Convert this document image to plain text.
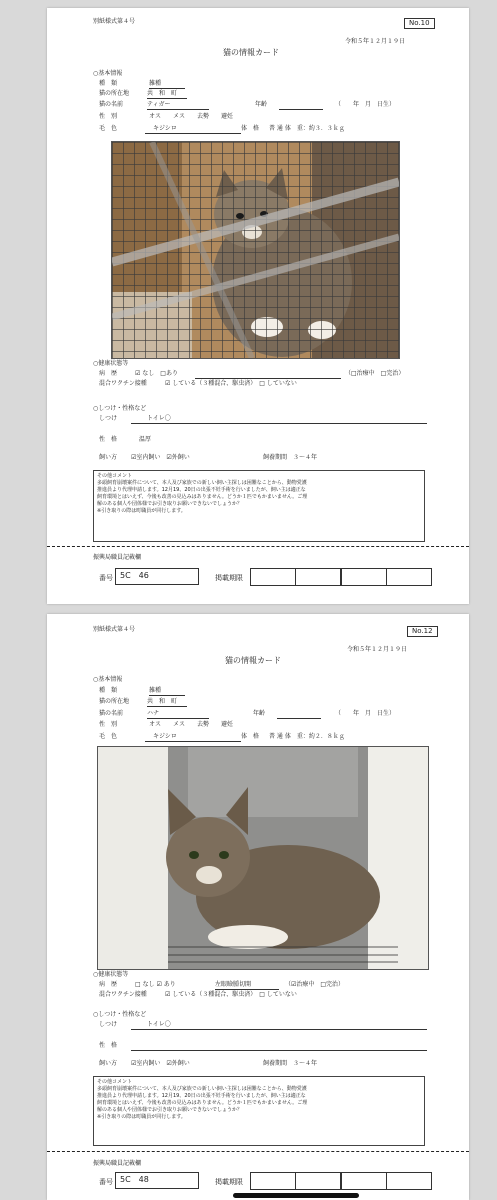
別紙様式第４号	No.10
令和５年１２月１９日
猫の情報カード
○基本情報
種　類	雑種
猫の所在地	共　和　町
猫の名前	ティガー	年齢	（　　年　月　日生）
性　別	オス　　メス　　去勢　　避妊
毛　色	キジシロ	体　格 普 通 体　重：約３．３ｋｇ
○健康状態等
病　歴	☑ なし　□あり	（□治療中　□完治）
混合ワクチン接種	☑ している（３種混合、駆虫済）　□ していない
○しつけ・性格など
しつけ	トイレ〇
性　格	温厚
飼い方 ☑室内飼い　☑外飼い	飼養期間 ３～４年
その他コメント
多頭飼育崩壊案件について、本人及び家族での新しい飼い主探しは困難なことから、動物愛護
推進員より代理申請します。12月19、20日の出張不妊手術を行いましたが、飼い主は適正な
飼育環境とはいえず、今後も改善の見込みはありません。どうか１匹でもかまいません。ご理
解のある個人や団体様でお引き取りお願いできないでしょうか？
※引き取りの際は町職員が同行します。
振興局職員記載欄
番号 5C　46	掲載期限
別紙様式第４号	No.12
令和５年１２月１９日
猫の情報カード
○基本情報
種　類	雑種
猫の所在地	共　和　町
猫の名前	ハナ	年齢	（　　年　月　日生）
性　別	オス　　メス　　去勢　　避妊
毛　色	キジシロ	体　格 普 通 体　重：約２．８ｋｇ
○健康状態等
病　歴	□ なし ☑ あり	左眼瞼腫切開	（☑治療中　□完治）
混合ワクチン接種	☑ している（３種混合、駆虫済）　□ していない
○しつけ・性格など
しつけ	トイレ〇
性　格
飼い方 ☑室内飼い　☑外飼い	飼養期間 ３～４年
その他コメント
多頭飼育崩壊案件について、本人及び家族での新しい飼い主探しは困難なことから、動物愛護
推進員より代理申請します。12月19、20日の出張不妊手術を行いましたが、飼い主は適正な
飼育環境とはいえず、今後も改善の見込みはありません。どうか１匹でもかまいません。ご理
解のある個人や団体様でお引き取りお願いできないでしょうか？
※引き取りの際は町職員が同行します。
振興局職員記載欄
番号 5C　48	掲載期限
